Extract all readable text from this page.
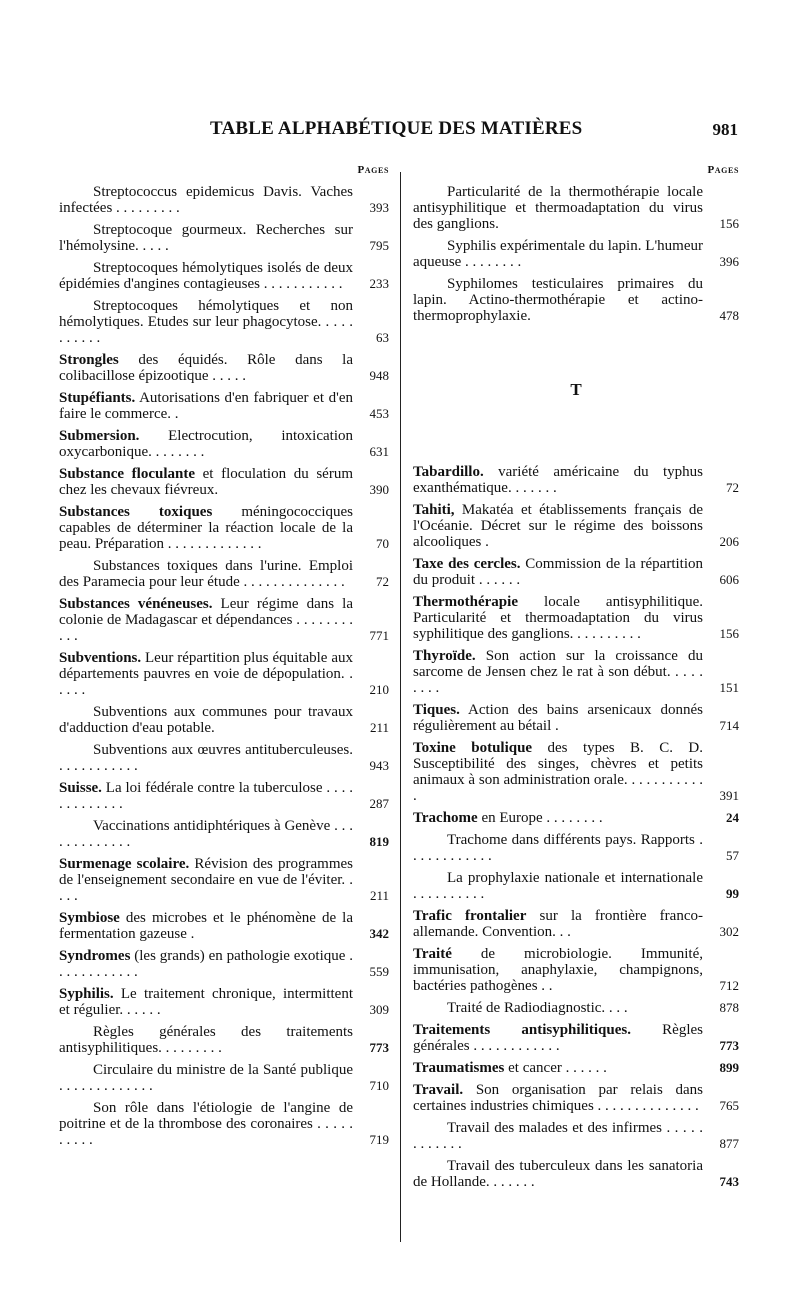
TABLE ALPHABÉTIQUE DES MATIÈRES	981
Pages
Streptococcus epidemicus Davis. Vaches infectées . . . . . . . . .	393
Streptocoque gourmeux. Recherches sur l'hémolysine. . . . .	795
Streptocoques hémolytiques isolés de deux épidémies d'angines contagieuses . . . . . . . . . . .	233
Streptocoques hémolytiques et non hémolytiques. Etudes sur leur phagocytose. . . . . . . . . . .	63
Strongles des équidés. Rôle dans la colibacillose épizootique . . . . .	948
Stupéfiants. Autorisations d'en fabriquer et d'en faire le commerce. .	453
Submersion. Electrocution, intoxication oxycarbonique. . . . . . . .	631
Substance floculante et floculation du sérum chez les chevaux fiévreux.	390
Substances toxiques méningococciques capables de déterminer la réaction locale de la peau. Préparation . . . . . . . . . . . . .	70
Substances toxiques dans l'urine. Emploi des Paramecia pour leur étude . . . . . . . . . . . . . .	72
Substances vénéneuses. Leur régime dans la colonie de Madagascar et dépendances . . . . . . . . . . .	771
Subventions. Leur répartition plus équitable aux départements pauvres en voie de dépopulation. . . . . .	210
Subventions aux communes pour travaux d'adduction d'eau potable.	211
Subventions aux œuvres antituberculeuses. . . . . . . . . . . .	943
Suisse. La loi fédérale contre la tuberculose . . . . . . . . . . . . .	287
Vaccinations antidiphtériques à Genève . . . . . . . . . . . . .	819
Surmenage scolaire. Révision des programmes de l'enseignement secondaire en vue de l'éviter. . . . .	211
Symbiose des microbes et le phénomène de la fermentation gazeuse .	342
Syndromes (les grands) en pathologie exotique . . . . . . . . . . . .	559
Syphilis. Le traitement chronique, intermittent et régulier. . . . . .	309
Règles générales des traitements antisyphilitiques. . . . . . . . .	773
Circulaire du ministre de la Santé publique . . . . . . . . . . . . .	710
Son rôle dans l'étiologie de l'angine de poitrine et de la thrombose des coronaires . . . . . . . . . .	719
Pages
Particularité de la thermothérapie locale antisyphilitique et thermoadaptation du virus des ganglions.	156
Syphilis expérimentale du lapin. L'humeur aqueuse . . . . . . . .	396
Syphilomes testiculaires primaires du lapin. Actino-thermothérapie et actino-thermoprophylaxie.	478
T
Tabardillo. variété américaine du typhus exanthématique. . . . . . .	72
Tahiti, Makatéa et établissements français de l'Océanie. Décret sur le régime des boissons alcooliques .	206
Taxe des cercles. Commission de la répartition du produit . . . . . .	606
Thermothérapie locale antisyphilitique. Particularité et thermoadaptation du virus syphilitique des ganglions. . . . . . . . . .	156
Thyroïde. Son action sur la croissance du sarcome de Jensen chez le rat à son début. . . . . . . . .	151
Tiques. Action des bains arsenicaux donnés régulièrement au bétail .	714
Toxine botulique des types B. C. D. Susceptibilité des singes, chèvres et petits animaux à son administration orale. . . . . . . . . . . .	391
Trachome en Europe . . . . . . . .	24
Trachome dans différents pays. Rapports . . . . . . . . . . . .	57
La prophylaxie nationale et internationale . . . . . . . . . .	99
Trafic frontalier sur la frontière franco-allemande. Convention. . .	302
Traité de microbiologie. Immunité, immunisation, anaphylaxie, champignons, bactéries pathogènes . .	712
Traité de Radiodiagnostic. . . .	878
Traitements antisyphilitiques. Règles générales . . . . . . . . . . . .	773
Traumatismes et cancer . . . . . .	899
Travail. Son organisation par relais dans certaines industries chimiques . . . . . . . . . . . . . .	765
Travail des malades et des infirmes . . . . . . . . . . . .	877
Travail des tuberculeux dans les sanatoria de Hollande. . . . . . .	743
